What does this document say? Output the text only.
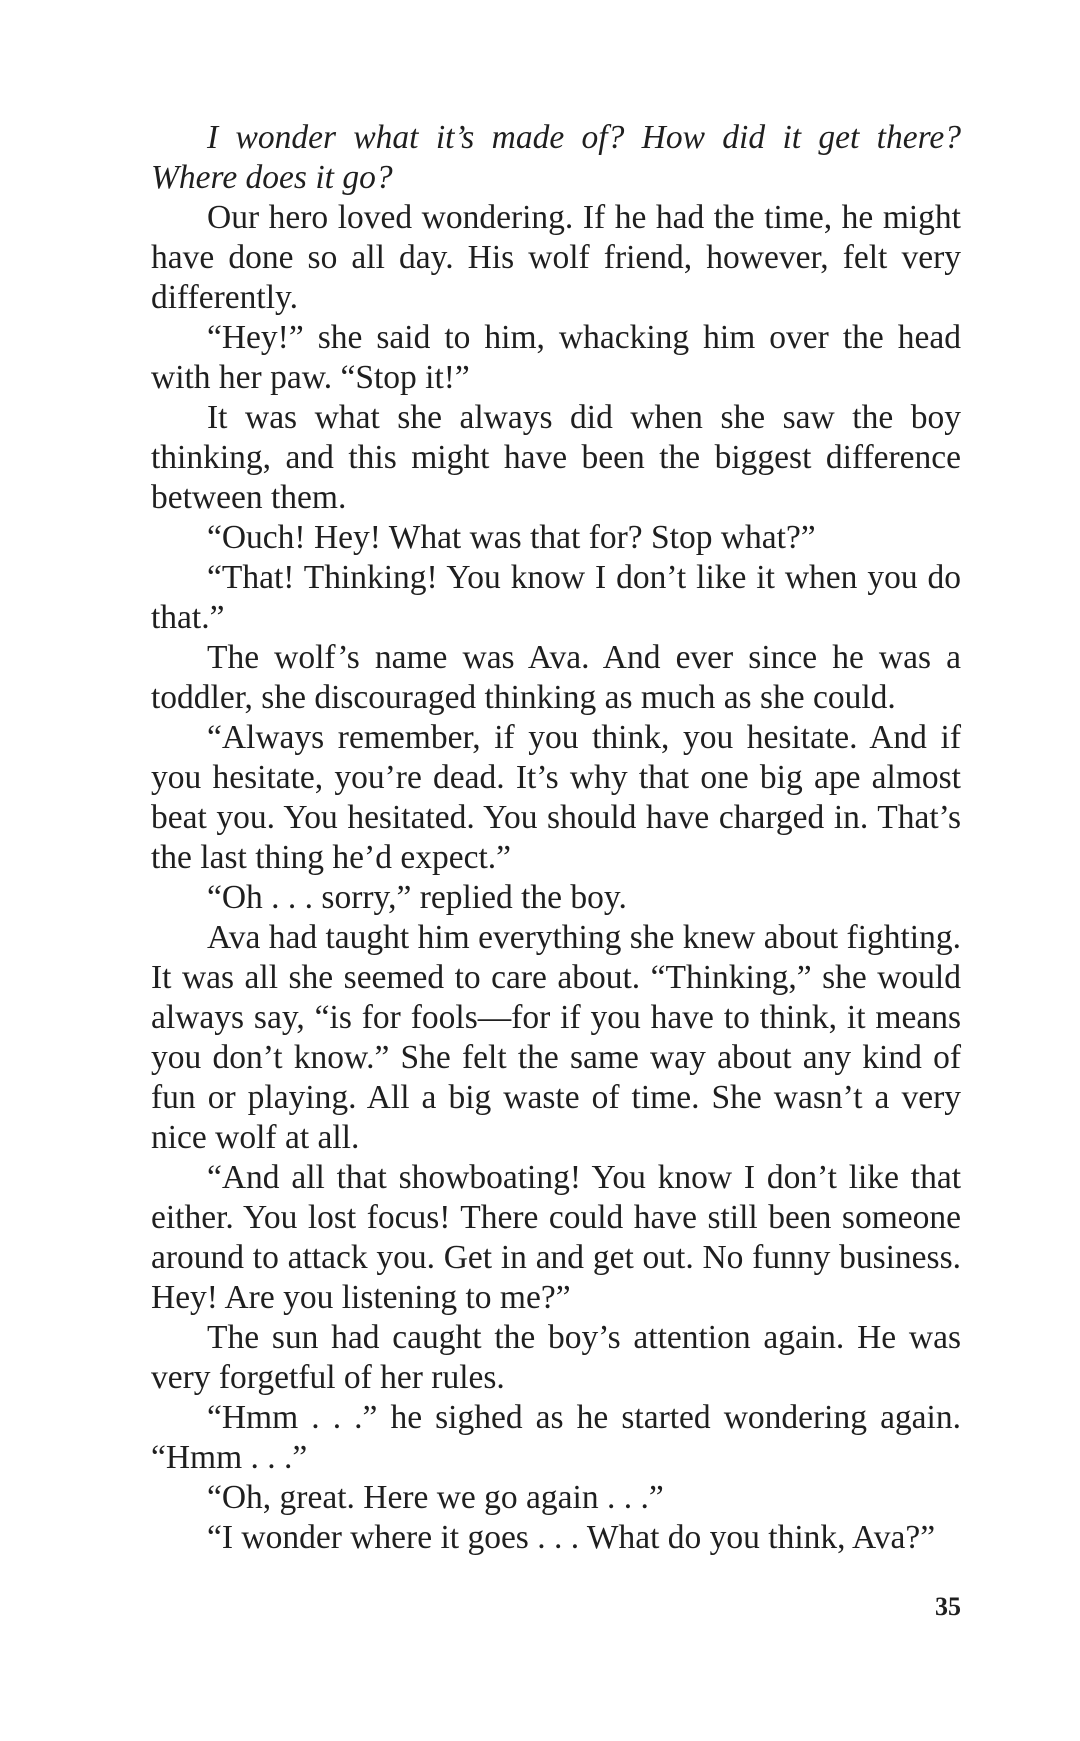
I wonder what it’s made of? How did it get there? Where does it go?

Our hero loved wondering. If he had the time, he might have done so all day. His wolf friend, however, felt very differently.

“Hey!” she said to him, whacking him over the head with her paw. “Stop it!”

It was what she always did when she saw the boy thinking, and this might have been the biggest difference between them.

“Ouch! Hey! What was that for? Stop what?”

“That! Thinking! You know I don’t like it when you do that.”

The wolf’s name was Ava. And ever since he was a toddler, she discouraged thinking as much as she could.

“Always remember, if you think, you hesitate. And if you hesitate, you’re dead. It’s why that one big ape almost beat you. You hesitated. You should have charged in. That’s the last thing he’d expect.”

“Oh . . . sorry,” replied the boy.

Ava had taught him everything she knew about fighting. It was all she seemed to care about. “Thinking,” she would always say, “is for fools—for if you have to think, it means you don’t know.” She felt the same way about any kind of fun or playing. All a big waste of time. She wasn’t a very nice wolf at all.

“And all that showboating! You know I don’t like that either. You lost focus! There could have still been someone around to attack you. Get in and get out. No funny business. Hey! Are you listening to me?”

The sun had caught the boy’s attention again. He was very forgetful of her rules.

“Hmm . . .” he sighed as he started wondering again. “Hmm . . .”

“Oh, great. Here we go again . . .”

“I wonder where it goes . . . What do you think, Ava?”

35
